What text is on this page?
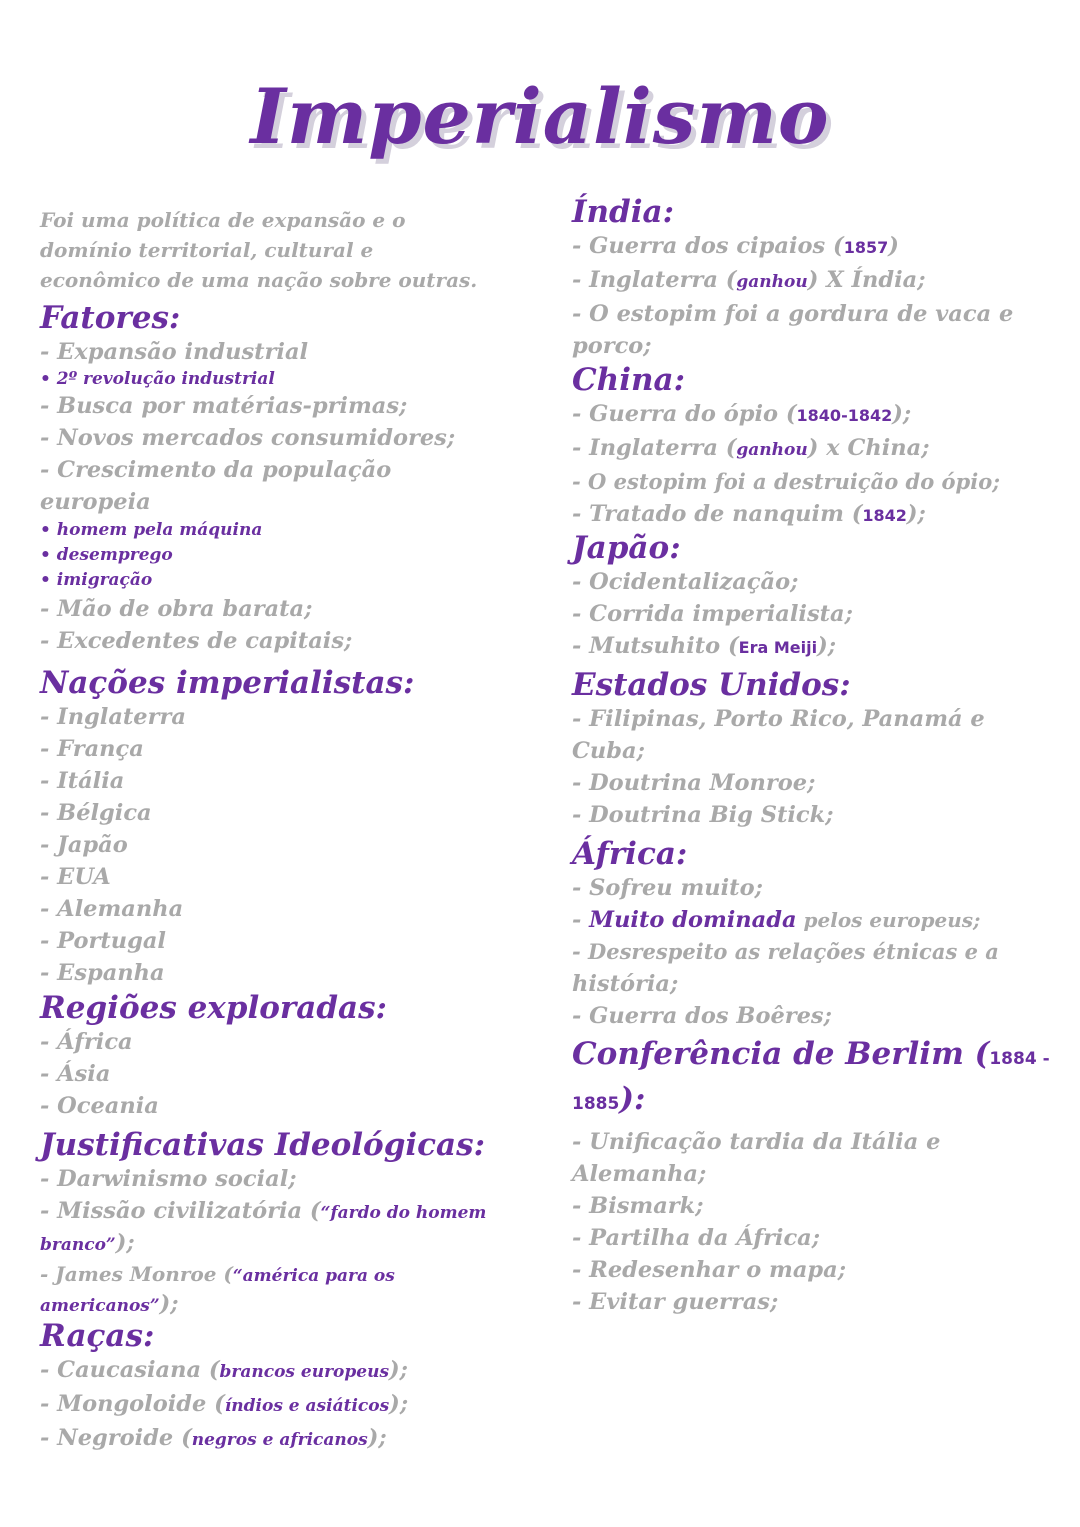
Imperialismo
Foi uma política de expansão e o
domínio territorial, cultural e
econômico de uma nação sobre outras.
Fatores:
- Expansão industrial
• 2º revolução industrial
- Busca por matérias-primas;
- Novos mercados consumidores;
- Crescimento da população
europeia
• homem pela máquina
• desemprego
• imigração
- Mão de obra barata;
- Excedentes de capitais;
Nações imperialistas:
- Inglaterra
- França
- Itália
- Bélgica
- Japão
- EUA
- Alemanha
- Portugal
- Espanha
Regiões exploradas:
- África
- Ásia
- Oceania
Justificativas Ideológicas:
- Darwinismo social;
- Missão civilizatória (“fardo do homem
branco”);
- James Monroe (“américa para os
americanos”);
Raças:
- Caucasiana (brancos europeus);
- Mongoloide (índios e asiáticos);
- Negroide (negros e africanos);
Índia:
- Guerra dos cipaios (1857)
- Inglaterra (ganhou) X Índia;
- O estopim foi a gordura de vaca e
porco;
China:
- Guerra do ópio (1840-1842);
- Inglaterra (ganhou) x China;
- O estopim foi a destruição do ópio;
- Tratado de nanquim (1842);
Japão:
- Ocidentalização;
- Corrida imperialista;
- Mutsuhito (Era Meiji);
Estados Unidos:
- Filipinas, Porto Rico, Panamá e
Cuba;
- Doutrina Monroe;
- Doutrina Big Stick;
África:
- Sofreu muito;
- Muito dominada pelos europeus;
- Desrespeito as relações étnicas e a
história;
- Guerra dos Boêres;
Conferência de Berlim (1884 -
1885):
- Unificação tardia da Itália e
Alemanha;
- Bismark;
- Partilha da África;
- Redesenhar o mapa;
- Evitar guerras;
